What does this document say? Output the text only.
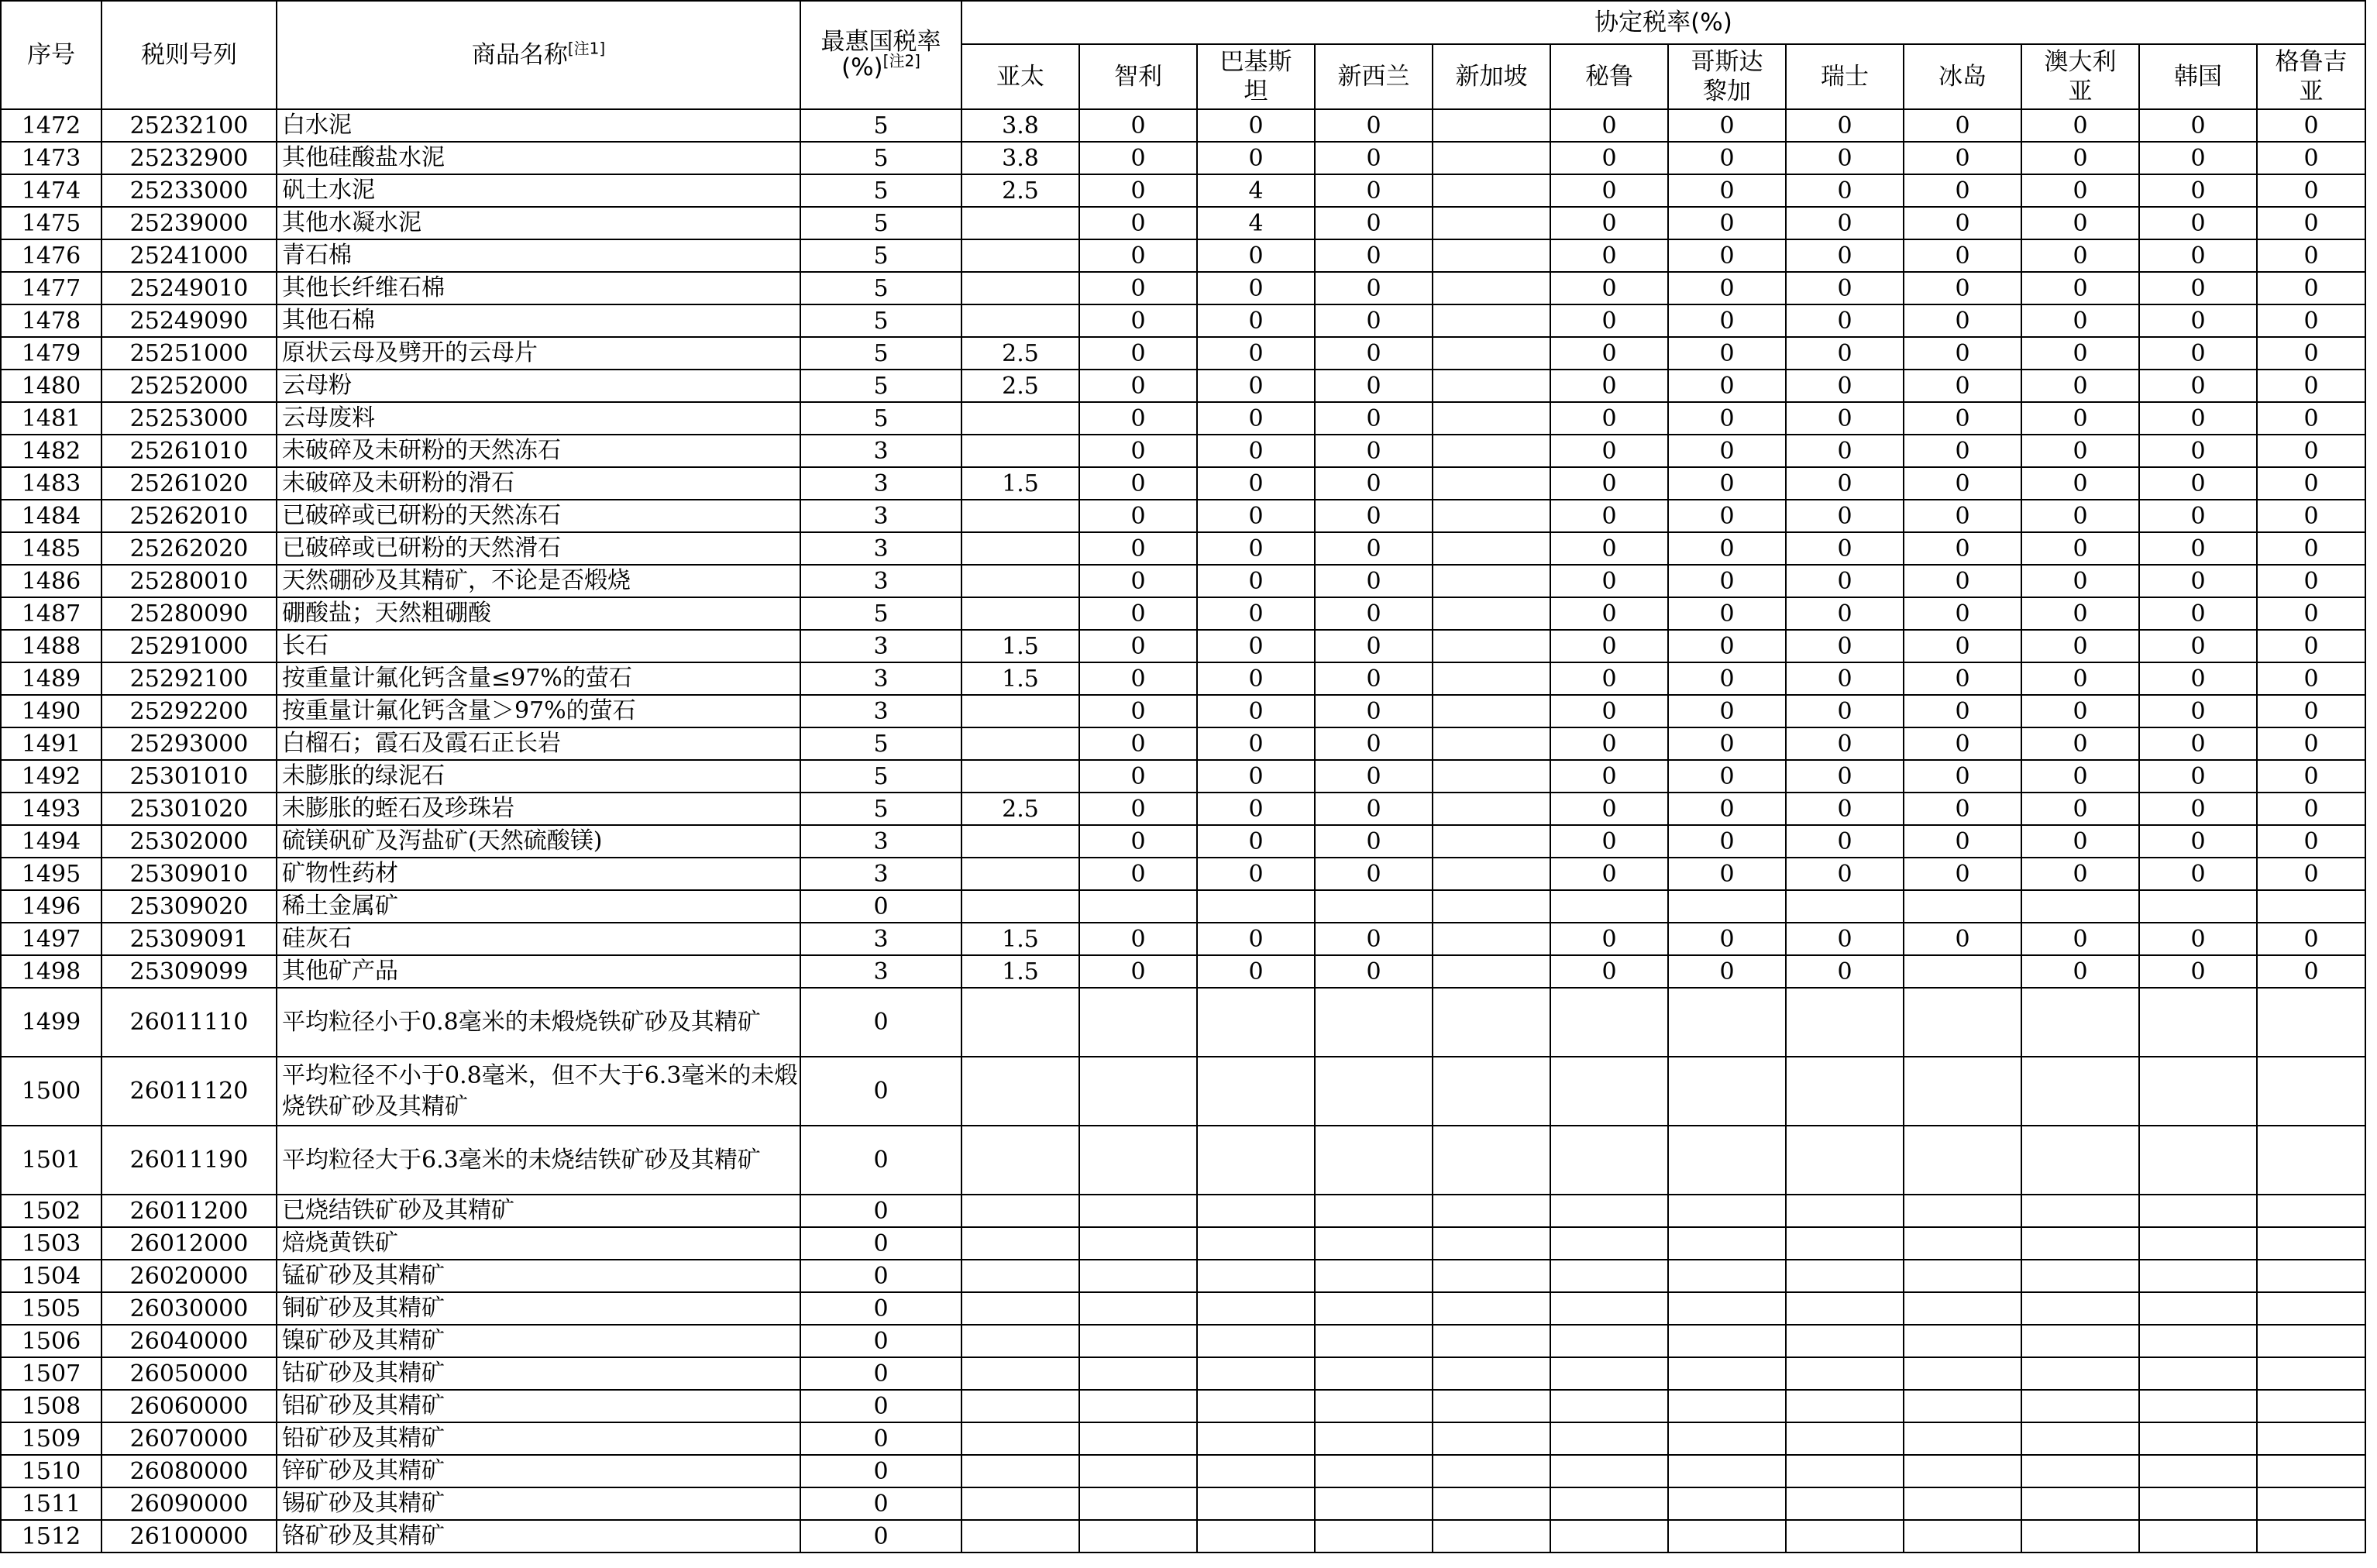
序号	税则号列	商品名称[注1]	最惠国税率
(%)[注2]	协定税率(%)											
				亚太	智利	巴基斯坦	新西兰	新加坡	秘鲁	哥斯达黎加	瑞士	冰岛	澳大利亚	韩国	格鲁吉亚
1472	25232100	白水泥	5	3.8	0	0	0		0	0	0	0	0	0	0
1473	25232900	其他硅酸盐水泥	5	3.8	0	0	0		0	0	0	0	0	0	0
1474	25233000	矾土水泥	5	2.5	0	4	0		0	0	0	0	0	0	0
1475	25239000	其他水凝水泥	5		0	4	0		0	0	0	0	0	0	0
1476	25241000	青石棉	5		0	0	0		0	0	0	0	0	0	0
1477	25249010	其他长纤维石棉	5		0	0	0		0	0	0	0	0	0	0
1478	25249090	其他石棉	5		0	0	0		0	0	0	0	0	0	0
1479	25251000	原状云母及劈开的云母片	5	2.5	0	0	0		0	0	0	0	0	0	0
1480	25252000	云母粉	5	2.5	0	0	0		0	0	0	0	0	0	0
1481	25253000	云母废料	5		0	0	0		0	0	0	0	0	0	0
1482	25261010	未破碎及未研粉的天然冻石	3		0	0	0		0	0	0	0	0	0	0
1483	25261020	未破碎及未研粉的滑石	3	1.5	0	0	0		0	0	0	0	0	0	0
1484	25262010	已破碎或已研粉的天然冻石	3		0	0	0		0	0	0	0	0	0	0
1485	25262020	已破碎或已研粉的天然滑石	3		0	0	0		0	0	0	0	0	0	0
1486	25280010	天然硼砂及其精矿，不论是否煅烧	3		0	0	0		0	0	0	0	0	0	0
1487	25280090	硼酸盐；天然粗硼酸	5		0	0	0		0	0	0	0	0	0	0
1488	25291000	长石	3	1.5	0	0	0		0	0	0	0	0	0	0
1489	25292100	按重量计氟化钙含量≤97%的萤石	3	1.5	0	0	0		0	0	0	0	0	0	0
1490	25292200	按重量计氟化钙含量＞97%的萤石	3		0	0	0		0	0	0	0	0	0	0
1491	25293000	白榴石；霞石及霞石正长岩	5		0	0	0		0	0	0	0	0	0	0
1492	25301010	未膨胀的绿泥石	5		0	0	0		0	0	0	0	0	0	0
1493	25301020	未膨胀的蛭石及珍珠岩	5	2.5	0	0	0		0	0	0	0	0	0	0
1494	25302000	硫镁矾矿及泻盐矿(天然硫酸镁)	3		0	0	0		0	0	0	0	0	0	0
1495	25309010	矿物性药材	3		0	0	0		0	0	0	0	0	0	0
1496	25309020	稀土金属矿	0												
1497	25309091	硅灰石	3	1.5	0	0	0		0	0	0	0	0	0	0
1498	25309099	其他矿产品	3	1.5	0	0	0		0	0	0		0	0	0
1499	26011110	平均粒径小于0.8毫米的未煅烧铁矿砂及其精矿	0												
1500	26011120	平均粒径不小于0.8毫米，但不大于6.3毫米的未煅烧铁矿砂及其精矿	0												
1501	26011190	平均粒径大于6.3毫米的未烧结铁矿砂及其精矿	0												
1502	26011200	已烧结铁矿砂及其精矿	0												
1503	26012000	焙烧黄铁矿	0												
1504	26020000	锰矿砂及其精矿	0												
1505	26030000	铜矿砂及其精矿	0												
1506	26040000	镍矿砂及其精矿	0												
1507	26050000	钴矿砂及其精矿	0												
1508	26060000	铝矿砂及其精矿	0												
1509	26070000	铅矿砂及其精矿	0												
1510	26080000	锌矿砂及其精矿	0												
1511	26090000	锡矿砂及其精矿	0												
1512	26100000	铬矿砂及其精矿	0												
